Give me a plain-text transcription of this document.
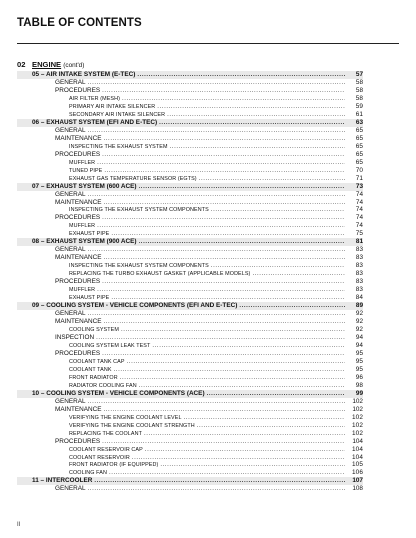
TABLE OF CONTENTS
02 ENGINE (cont'd)
05 – AIR INTAKE SYSTEM (E-TEC) .....	57
GENERAL .....	58
PROCEDURES .....	58
AIR FILTER (MESH) .....	58
PRIMARY AIR INTAKE SILENCER .....	59
SECONDARY AIR INTAKE SILENCER .....	61
06 – EXHAUST SYSTEM (EFI AND E-TEC) .....	63
GENERAL .....	65
MAINTENANCE .....	65
INSPECTING THE EXHAUST SYSTEM .....	65
PROCEDURES .....	65
MUFFLER .....	65
TUNED PIPE .....	70
EXHAUST GAS TEMPERATURE SENSOR (EGTS) .....	71
07 – EXHAUST SYSTEM (600 ACE) .....	73
GENERAL .....	74
MAINTENANCE .....	74
INSPECTING THE EXHAUST SYSTEM COMPONENTS .....	74
PROCEDURES .....	74
MUFFLER .....	74
EXHAUST PIPE .....	75
08 – EXHAUST SYSTEM (900 ACE) .....	81
GENERAL .....	83
MAINTENANCE .....	83
INSPECTING THE EXHAUST SYSTEM COMPONENTS .....	83
REPLACING THE TURBO EXHAUST GASKET (APPLICABLE MODELS) .....	83
PROCEDURES .....	83
MUFFLER .....	83
EXHAUST PIPE .....	84
09 – COOLING SYSTEM - VEHICLE COMPONENTS (EFI AND E-TEC) .....	89
GENERAL .....	92
MAINTENANCE .....	92
COOLING SYSTEM .....	92
INSPECTION .....	94
COOLING SYSTEM LEAK TEST .....	94
PROCEDURES .....	95
COOLANT TANK CAP .....	95
COOLANT TANK .....	95
FRONT RADIATOR .....	96
RADIATOR COOLING FAN .....	98
10 – COOLING SYSTEM - VEHICLE COMPONENTS (ACE) .....	99
GENERAL .....	102
MAINTENANCE .....	102
VERIFYING THE ENGINE COOLANT LEVEL .....	102
VERIFYING THE ENGINE COOLANT STRENGTH .....	102
REPLACING THE COOLANT .....	102
PROCEDURES .....	104
COOLANT RESERVOIR CAP .....	104
COOLANT RESERVOIR .....	104
FRONT RADIATOR (IF EQUIPPED) .....	105
COOLING FAN .....	106
11 – INTERCOOLER .....	107
GENERAL .....	108
II
